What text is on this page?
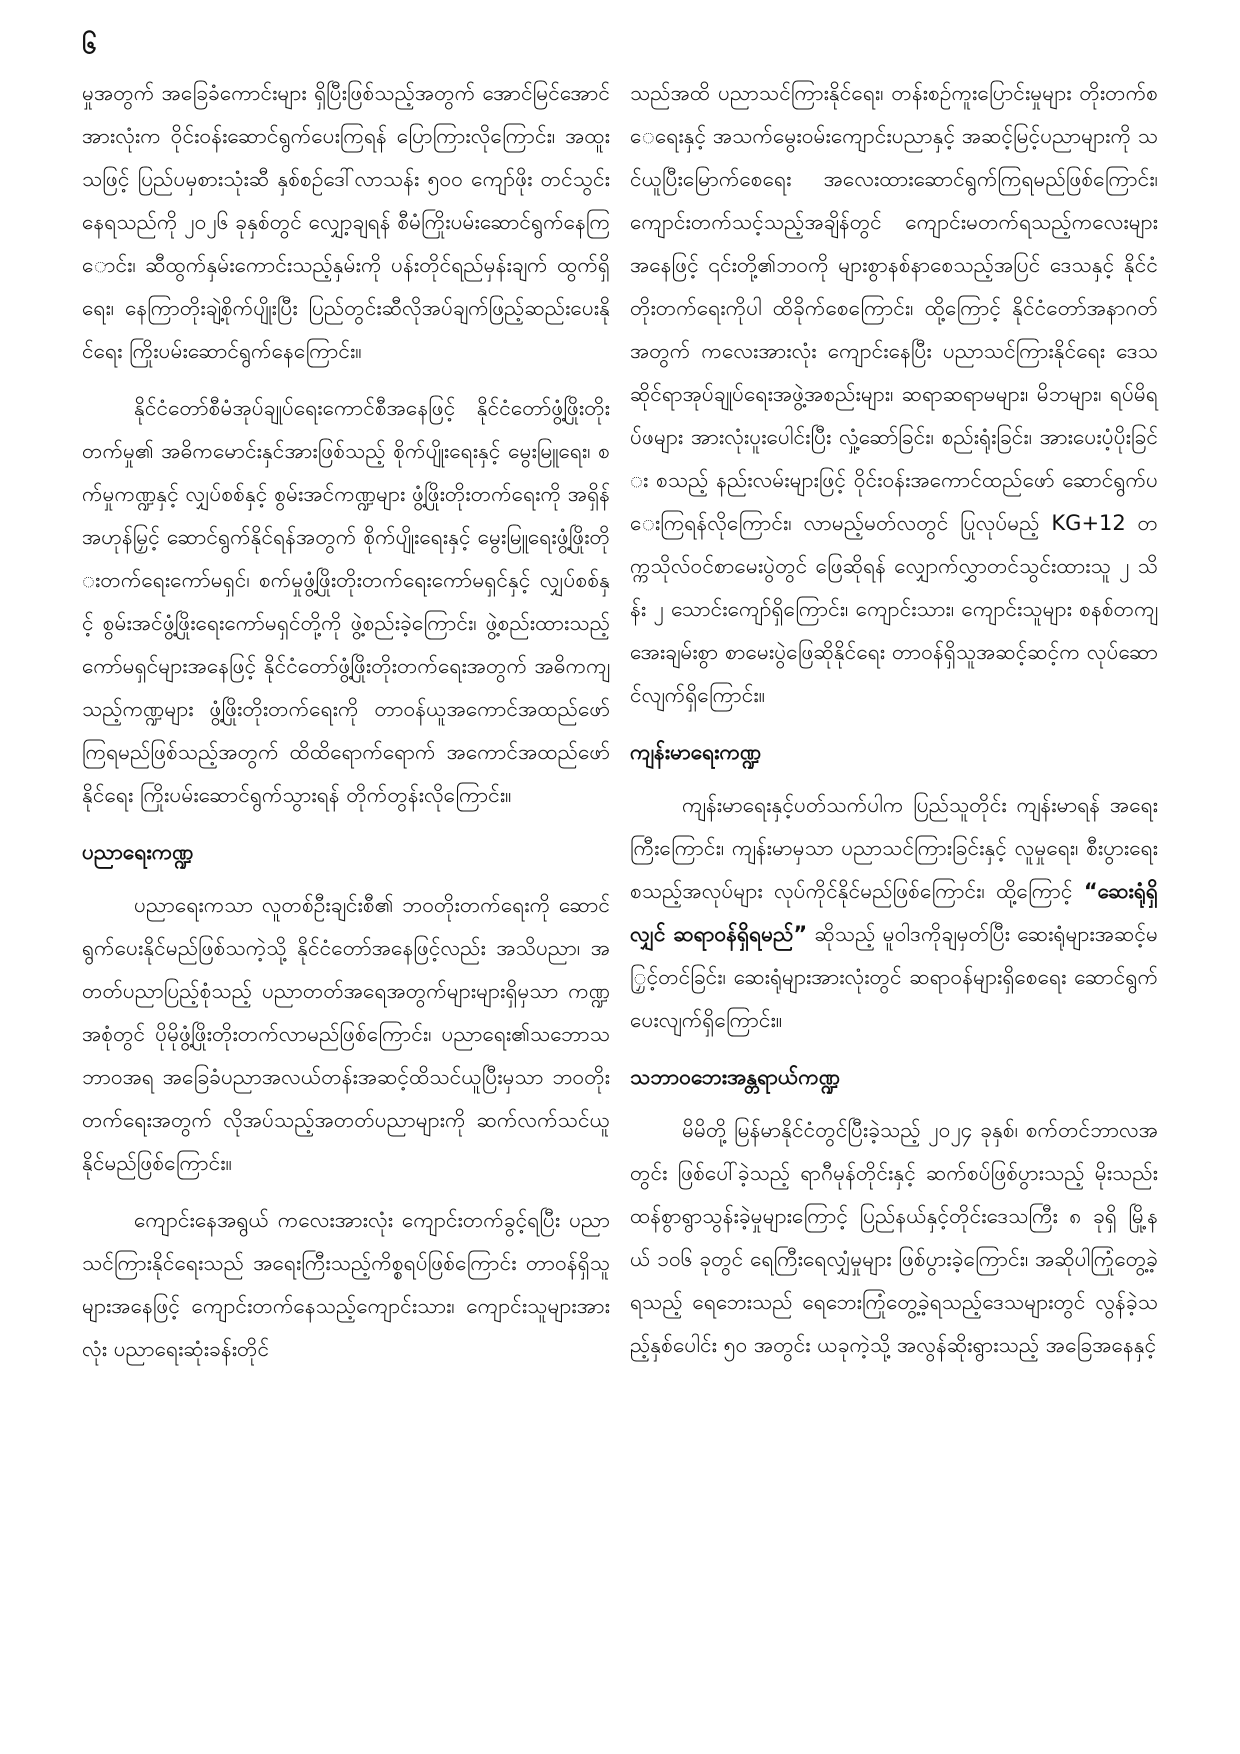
၆

မှုအတွက် အခြေခံကောင်းများ ရှိပြီးဖြစ်သည့်အတွက် အောင်မြင်အောင်အားလုံးက ဝိုင်းဝန်းဆောင်ရွက်ပေးကြရန် ပြောကြားလိုကြောင်း၊ အထူးသဖြင့် ပြည်ပမှစားသုံးဆီ နှစ်စဉ်ဒေါ်လာသန်း ၅၀၀ ကျော်ဖိုး တင်သွင်းနေရသည်ကို ၂၀၂၆ ခုနှစ်တွင် လျှော့ချရန် စီမံကြိုးပမ်းဆောင်ရွက်နေကြောင်း၊ ဆီထွက်နှမ်းကောင်းသည့်နှမ်းကို ပန်းတိုင်ရည်မှန်းချက် ထွက်ရှိရေး၊ နေကြာတိုးချဲ့စိုက်ပျိုးပြီး ပြည်တွင်းဆီလိုအပ်ချက်ဖြည့်ဆည်းပေးနိုင်ရေး ကြိုးပမ်းဆောင်ရွက်နေကြောင်း။

နိုင်ငံတော်စီမံအုပ်ချုပ်ရေးကောင်စီအနေဖြင့် နိုင်ငံတော်ဖွံ့ဖြိုးတိုးတက်မှု၏ အဓိကမောင်းနှင်အားဖြစ်သည့် စိုက်ပျိုးရေးနှင့် မွေးမြူရေး၊ စက်မှုကဏ္ဍနှင့် လျှပ်စစ်နှင့် စွမ်းအင်ကဏ္ဍများ ဖွံ့ဖြိုးတိုးတက်ရေးကို အရှိန်အဟုန်မြှင့် ဆောင်ရွက်နိုင်ရန်အတွက် စိုက်ပျိုးရေးနှင့် မွေးမြူရေးဖွံ့ဖြိုးတိုးတက်ရေးကော်မရှင်၊ စက်မှုဖွံ့ဖြိုးတိုးတက်ရေးကော်မရှင်နှင့် လျှပ်စစ်နှင့် စွမ်းအင်ဖွံ့ဖြိုးရေးကော်မရှင်တို့ကို ဖွဲ့စည်းခဲ့ကြောင်း၊ ဖွဲ့စည်းထားသည့် ကော်မရှင်များအနေဖြင့် နိုင်ငံတော်ဖွံ့ဖြိုးတိုးတက်ရေးအတွက် အဓိကကျသည့်ကဏ္ဍများ ဖွံ့ဖြိုးတိုးတက်ရေးကို တာဝန်ယူအကောင်အထည်ဖော်ကြရမည်ဖြစ်သည့်အတွက် ထိထိရောက်ရောက် အကောင်အထည်ဖော်နိုင်ရေး ကြိုးပမ်းဆောင်ရွက်သွားရန် တိုက်တွန်းလိုကြောင်း။

ပညာရေးကဏ္ဍ

ပညာရေးကသာ လူတစ်ဦးချင်းစီ၏ ဘဝတိုးတက်ရေးကို ဆောင်ရွက်ပေးနိုင်မည်ဖြစ်သကဲ့သို့ နိုင်ငံတော်အနေဖြင့်လည်း အသိပညာ၊ အတတ်ပညာပြည့်စုံသည့် ပညာတတ်အရေအတွက်များများရှိမှသာ ကဏ္ဍအစုံတွင် ပိုမိုဖွံ့ဖြိုးတိုးတက်လာမည်ဖြစ်ကြောင်း၊ ပညာရေး၏သဘောသဘာဝအရ အခြေခံပညာအလယ်တန်းအဆင့်ထိသင်ယူပြီးမှသာ ဘဝတိုးတက်ရေးအတွက် လိုအပ်သည့်အတတ်ပညာများကို ဆက်လက်သင်ယူနိုင်မည်ဖြစ်ကြောင်း။

ကျောင်းနေအရွယ် ကလေးအားလုံး ကျောင်းတက်ခွင့်ရပြီး ပညာသင်ကြားနိုင်ရေးသည် အရေးကြီးသည့်ကိစ္စရပ်ဖြစ်ကြောင်း တာဝန်ရှိသူများအနေဖြင့် ကျောင်းတက်နေသည့်ကျောင်းသား၊ ကျောင်းသူများအားလုံး ပညာရေးဆုံးခန်းတိုင်

သည်အထိ ပညာသင်ကြားနိုင်ရေး၊ တန်းစဉ်ကူးပြောင်းမှုများ တိုးတက်စေရေးနှင့် အသက်မွေးဝမ်းကျောင်းပညာနှင့် အဆင့်မြင့်ပညာများကို သင်ယူပြီးမြောက်စေရေး အလေးထားဆောင်ရွက်ကြရမည်ဖြစ်ကြောင်း၊ ကျောင်းတက်သင့်သည့်အချိန်တွင် ကျောင်းမတက်ရသည့်ကလေးများအနေဖြင့် ၎င်းတို့၏ဘဝကို များစွာနစ်နာစေသည့်အပြင် ဒေသနှင့် နိုင်ငံတိုးတက်ရေးကိုပါ ထိခိုက်စေကြောင်း၊ ထို့ကြောင့် နိုင်ငံတော်အနာဂတ်အတွက် ကလေးအားလုံး ကျောင်းနေပြီး ပညာသင်ကြားနိုင်ရေး ဒေသဆိုင်ရာအုပ်ချုပ်ရေးအဖွဲ့အစည်းများ၊ ဆရာဆရာမများ၊ မိဘများ၊ ရပ်မိရပ်ဖများ အားလုံးပူးပေါင်းပြီး လှုံ့ဆော်ခြင်း၊ စည်းရုံးခြင်း၊ အားပေးပံ့ပိုးခြင်း စသည့် နည်းလမ်းများဖြင့် ဝိုင်းဝန်းအကောင်ထည်ဖော် ဆောင်ရွက်ပေးကြရန်လိုကြောင်း၊ လာမည့်မတ်လတွင် ပြုလုပ်မည့် KG+12 တက္ကသိုလ်ဝင်စာမေးပွဲတွင် ဖြေဆိုရန် လျှောက်လွှာတင်သွင်းထားသူ ၂ သိန်း ၂ သောင်းကျော်ရှိကြောင်း၊ ကျောင်းသား၊ ကျောင်းသူများ စနစ်တကျ အေးချမ်းစွာ စာမေးပွဲဖြေဆိုနိုင်ရေး တာဝန်ရှိသူအဆင့်ဆင့်က လုပ်ဆောင်လျက်ရှိကြောင်း။

ကျန်းမာရေးကဏ္ဍ

ကျန်းမာရေးနှင့်ပတ်သက်ပါက ပြည်သူတိုင်း ကျန်းမာရန် အရေးကြီးကြောင်း၊ ကျန်းမာမှသာ ပညာသင်ကြားခြင်းနှင့် လူမှုရေး၊ စီးပွားရေး စသည့်အလုပ်များ လုပ်ကိုင်နိုင်မည်ဖြစ်ကြောင်း၊ ထို့ကြောင့် “ဆေးရုံရှိလျှင် ဆရာဝန်ရှိရမည်” ဆိုသည့် မူဝါဒကိုချမှတ်ပြီး ဆေးရုံများအဆင့်မြှင့်တင်ခြင်း၊ ဆေးရုံများအားလုံးတွင် ဆရာဝန်များရှိစေရေး ဆောင်ရွက်ပေးလျက်ရှိကြောင်း။

သဘာဝဘေးအန္တရာယ်ကဏ္ဍ

မိမိတို့ မြန်မာနိုင်ငံတွင်ပြီးခဲ့သည့် ၂၀၂၄ ခုနှစ်၊ စက်တင်ဘာလအတွင်း ဖြစ်ပေါ်ခဲ့သည့် ရာဂီမုန်တိုင်းနှင့် ဆက်စပ်ဖြစ်ပွားသည့် မိုးသည်းထန်စွာရွာသွန်းခဲ့မှုများကြောင့် ပြည်နယ်နှင့်တိုင်းဒေသကြီး ၈ ခုရှိ မြို့နယ် ၁၀၆ ခုတွင် ရေကြီးရေလျှံမှုများ ဖြစ်ပွားခဲ့ကြောင်း၊ အဆိုပါကြုံတွေ့ခဲ့ရသည့် ရေဘေးသည် ရေဘေးကြုံတွေ့ခဲ့ရသည့်ဒေသများတွင် လွန်ခဲ့သည့်နှစ်ပေါင်း ၅၀ အတွင်း ယခုကဲ့သို့ အလွန်ဆိုးရွားသည့် အခြေအနေနှင့်
